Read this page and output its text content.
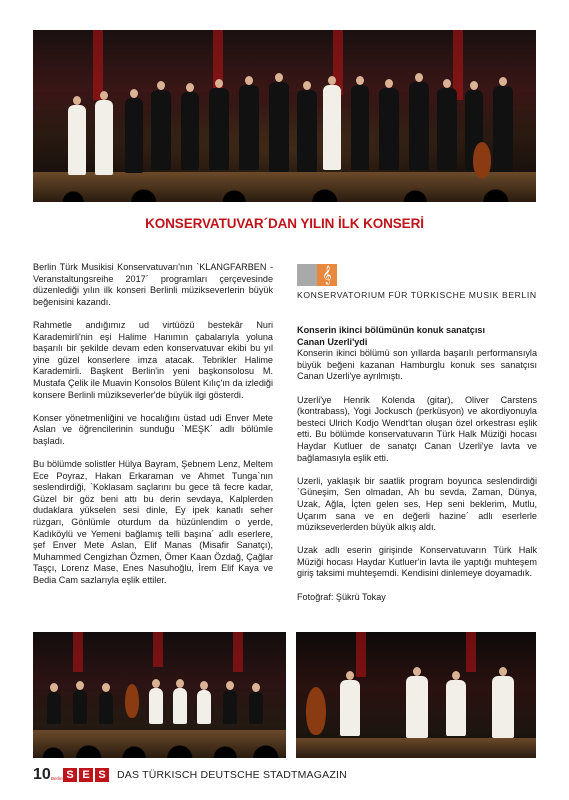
KONSERVATUVAR´DAN YILIN İLK KONSERİ
𝄞
KONSERVATORIUM FÜR TÜRKISCHE MUSIK BERLIN

Berlin Türk Musikisi Konservatuvarı'nın `KLANGFARBEN - Veranstaltungsreihe 2017´ programları çerçevesinde düzenlediği yılın ilk konseri Berlinli müzikseverlerin büyük beğenisini kazandı.

Rahmetle andığımız ud virtüözü bestekâr Nuri Karademirli'nin eşi Halime Hanımın çabalarıyla yoluna başarılı bir şekilde devam eden konservatuvar ekibi bu yıl yine güzel konserlere imza atacak. Tebrikler Halime Karademirli. Başkent Berlin'in yeni başkonsolosu M. Mustafa Çelik ile Muavin Konsolos Bülent Kılıç'ın da izlediği konsere Berlinli müzikseverler'de büyük ilgi gösterdi.

Konser yönetmenliğini ve hocalığını üstad udi Enver Mete Aslan ve öğrencilerinin sunduğu `MEŞK´ adlı bölümle başladı.

Bu bölümde solistler Hülya Bayram, Şebnem Lenz, Meltem Ece Poyraz, Hakan Erkaraman ve Ahmet Tunga`nın seslendirdiği, `Koklasam saçlarını bu gece tâ fecre kadar, Güzel bir göz beni attı bu derin sevdaya, Kalplerden dudaklara yükselen sesi dinle, Ey ipek kanatlı seher rüzgarı, Gönlümle oturdum da hüzünlendim o yerde, Kadıköylü ve Yemeni bağlamış telli başına´ adlı eserlere, şef Enver Mete Aslan, Elif Manas (Misafir Sanatçı), Muhammed Cengizhan Özmen, Ömer Kaan Özdağ, Çağlar Taşçı, Lorenz Mase, Enes Nasuhoğlu, İrem Elif Kaya ve Bedia Cam sazlarıyla eşlik ettiler.

Konserin ikinci bölümünün konuk sanatçısı
Canan Uzerli'ydi

Konserin ikinci bölümü son yıllarda başarılı performansıyla büyük beğeni kazanan Hamburglu konuk ses sanatçısı Canan Uzerli'ye ayrılmıştı.

Uzerli'ye Henrik Kolenda (gitar), Oliver Carstens (kontrabass), Yogi Jockusch (perküsyon) ve akordiyonuyla besteci Ulrich Kodjo Wendt'tan oluşan özel orkestrası eşlik etti. Bu bölümde konservatuvarın Türk Halk Müziği hocası Haydar Kutluer de sanatçı Canan Uzerli'ye lavta ve bağlamasıyla eşlik etti.

Uzerli, yaklaşık bir saatlik program boyunca seslendirdiği `Güneşim, Sen olmadan, Ah bu sevda, Zaman, Dünya, Uzak, Ağla, İçten gelen ses, Hep seni beklerim, Mutlu, Uçarım sana ve en değerli hazine´ adlı eserlerle müzikseverlerden büyük alkış aldı.

Uzak adlı eserin girişinde Konservatuvarın Türk Halk Müziği hocası Haydar Kutluer'in lavta ile yaptığı muhteşem giriş taksimi muhteşemdi. Kendisini dinlemeye doyamadık.

Fotoğraf: Şükrü Tokay

10 Berlin S E S	DAS TÜRKISCH DEUTSCHE STADTMAGAZIN
